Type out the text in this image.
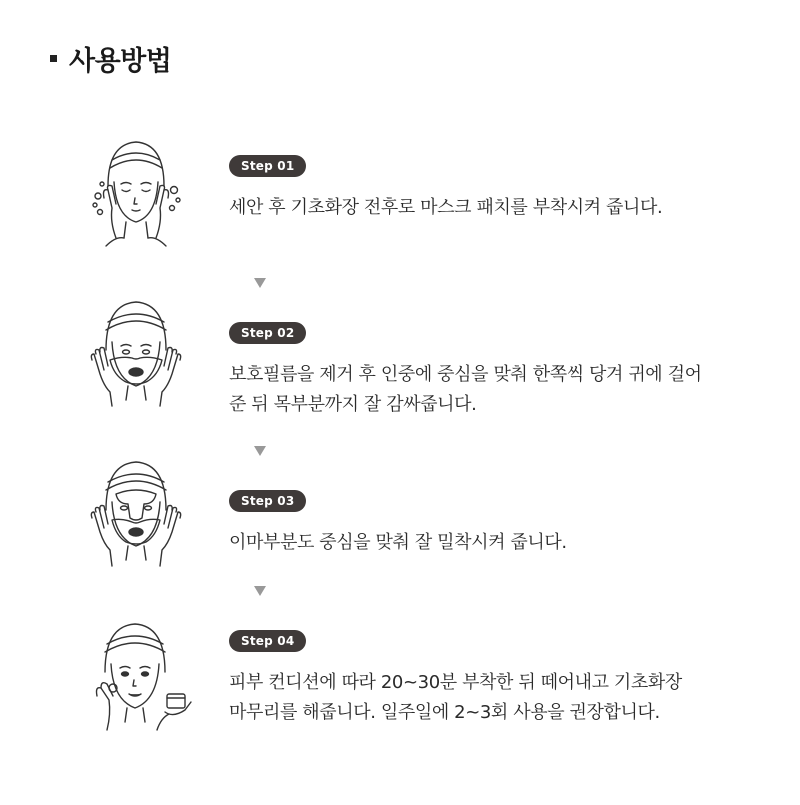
사용방법
Step 01
세안 후 기초화장 전후로 마스크 패치를 부착시켜 줍니다.
Step 02
보호필름을 제거 후 인중에 중심을 맞춰 한쪽씩 당겨 귀에 걸어
준 뒤 목부분까지 잘 감싸줍니다.
Step 03
이마부분도 중심을 맞춰 잘 밀착시켜 줍니다.
Step 04
피부 컨디션에 따라 20~30분 부착한 뒤 떼어내고 기초화장
마무리를 해줍니다. 일주일에 2~3회 사용을 권장합니다.
